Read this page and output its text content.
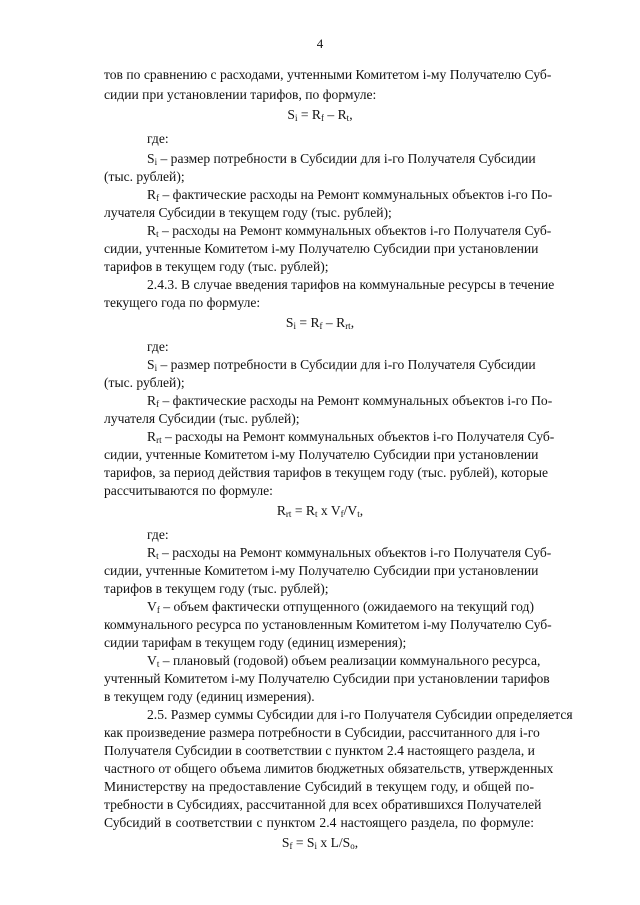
4
тов по сравнению с расходами, учтенными Комитетом i-му Получателю Суб-
сидии при установлении тарифов, по формуле:
$S_i = R_f - R_t$,
где:
$S_i$ – размер потребности в Субсидии для i-го Получателя Субсидии
(тыс. рублей);
$R_f$ – фактические расходы на Ремонт коммунальных объектов i-го По-
лучателя Субсидии в текущем году (тыс. рублей);
$R_t$ – расходы на Ремонт коммунальных объектов i-го Получателя Суб-
сидии, учтенные Комитетом i-му Получателю Субсидии при установлении
тарифов в текущем году (тыс. рублей);
2.4.3. В случае введения тарифов на коммунальные ресурсы в течение
текущего года по формуле:
$S_i = R_f - R_{rt}$,
где:
$S_i$ – размер потребности в Субсидии для i-го Получателя Субсидии
(тыс. рублей);
$R_f$ – фактические расходы на Ремонт коммунальных объектов i-го По-
лучателя Субсидии (тыс. рублей);
$R_{rt}$ – расходы на Ремонт коммунальных объектов i-го Получателя Суб-
сидии, учтенные Комитетом i-му Получателю Субсидии при установлении
тарифов, за период действия тарифов в текущем году (тыс. рублей), которые
рассчитываются по формуле:
$R_{rt} = R_t$ x $V_f/V_t$,
где:
$R_t$ – расходы на Ремонт коммунальных объектов i-го Получателя Суб-
сидии, учтенные Комитетом i-му Получателю Субсидии при установлении
тарифов в текущем году (тыс. рублей);
$V_f$ – объем фактически отпущенного (ожидаемого на текущий год)
коммунального ресурса по установленным Комитетом i-му Получателю Суб-
сидии тарифам в текущем году (единиц измерения);
$V_t$ – плановый (годовой) объем реализации коммунального ресурса,
учтенный Комитетом i-му Получателю Субсидии при установлении тарифов
в текущем году (единиц измерения).
2.5. Размер суммы Субсидии для i-го Получателя Субсидии определяется
как произведение размера потребности в Субсидии, рассчитанного для i-го
Получателя Субсидии в соответствии с пунктом 2.4 настоящего раздела, и
частного от общего объема лимитов бюджетных обязательств, утвержденных
Министерству на предоставление Субсидий в текущем году, и общей по-
требности в Субсидиях, рассчитанной для всех обратившихся Получателей
Субсидий в соответствии с пунктом 2.4 настоящего раздела, по формуле:
$S_f = S_i$ x $L/S_o$,
